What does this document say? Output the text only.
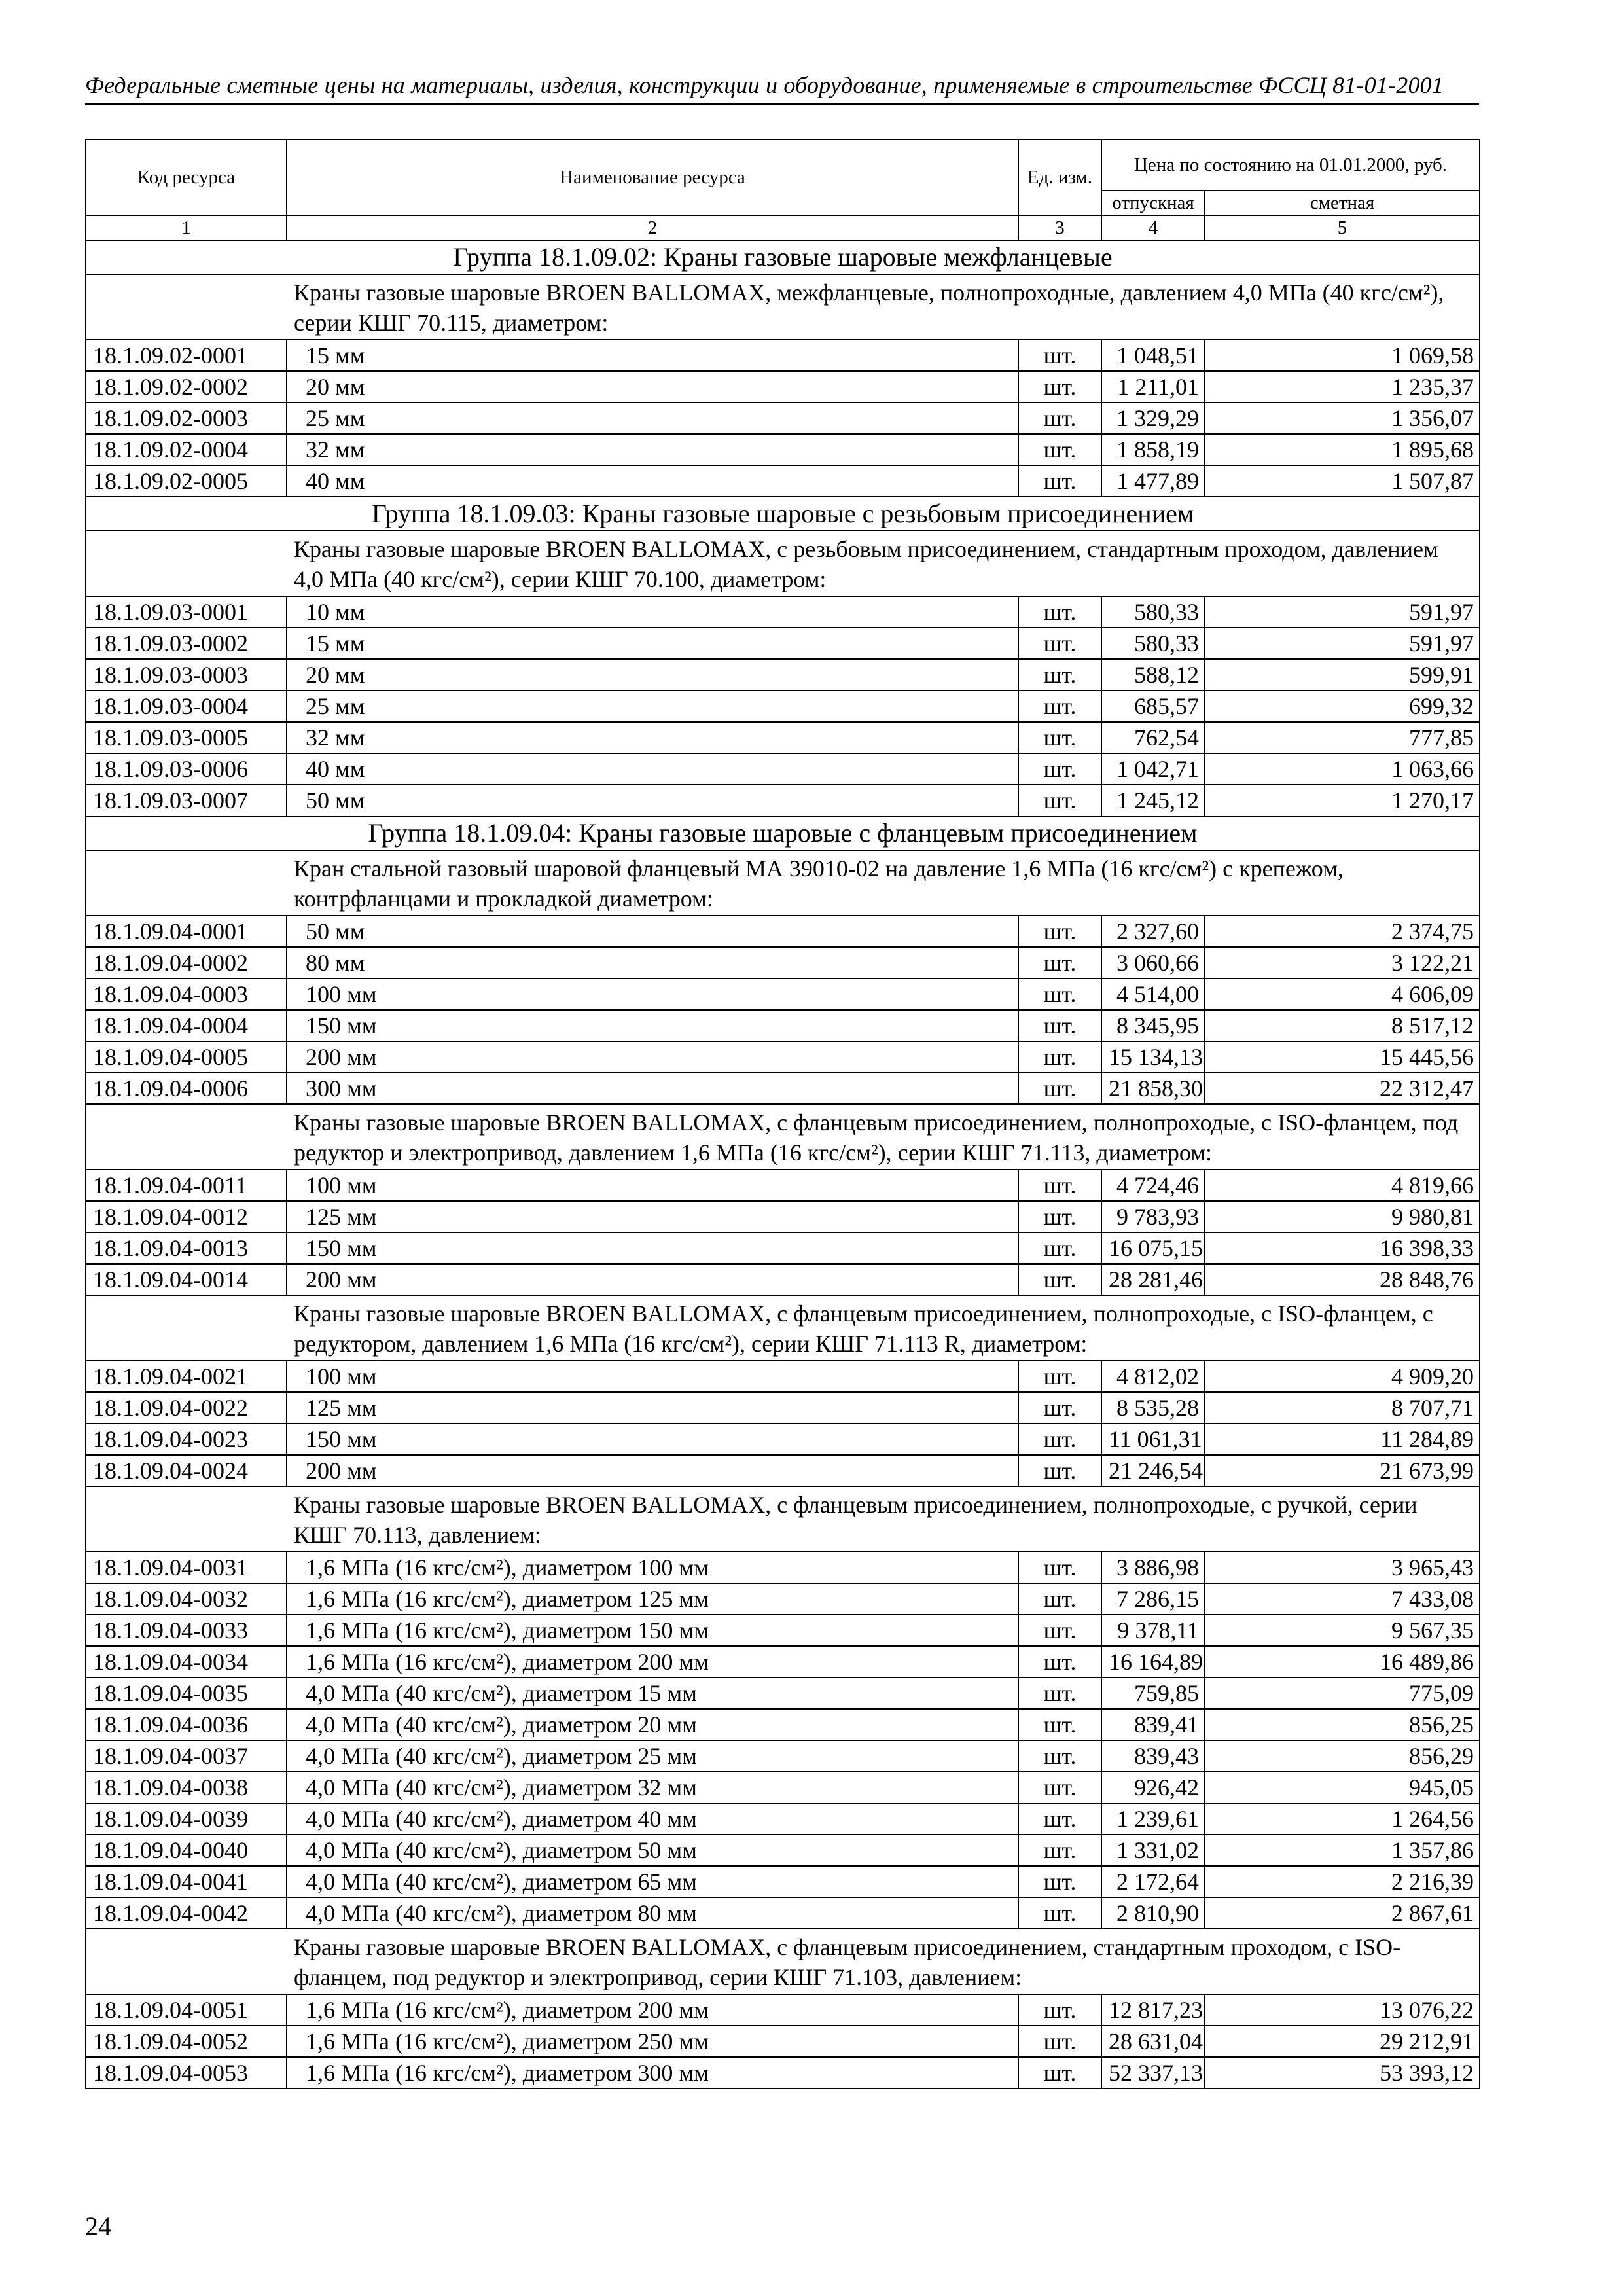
Федеральные сметные цены на материалы, изделия, конструкции и оборудование, применяемые в строительстве ФССЦ 81-01-2001
Код ресурса	Наименование ресурса	Ед. изм.	Цена по состоянию на 01.01.2000, руб.	
			отпускная	сметная
1	2	3	4	5
Группа 18.1.09.02: Краны газовые шаровые межфланцевые				
Краны газовые шаровые BROEN BALLOMAX, межфланцевые, полнопроходные, давлением 4,0 МПа (40 кгс/см²), серии КШГ 70.115, диаметром:				
18.1.09.02-0001	15 мм	шт.	1 048,51	1 069,58
18.1.09.02-0002	20 мм	шт.	1 211,01	1 235,37
18.1.09.02-0003	25 мм	шт.	1 329,29	1 356,07
18.1.09.02-0004	32 мм	шт.	1 858,19	1 895,68
18.1.09.02-0005	40 мм	шт.	1 477,89	1 507,87
Группа 18.1.09.03: Краны газовые шаровые с резьбовым присоединением				
Краны газовые шаровые BROEN BALLOMAX, с резьбовым присоединением, стандартным проходом, давлением 4,0 МПа (40 кгс/см²), серии КШГ 70.100, диаметром:				
18.1.09.03-0001	10 мм	шт.	580,33	591,97
18.1.09.03-0002	15 мм	шт.	580,33	591,97
18.1.09.03-0003	20 мм	шт.	588,12	599,91
18.1.09.03-0004	25 мм	шт.	685,57	699,32
18.1.09.03-0005	32 мм	шт.	762,54	777,85
18.1.09.03-0006	40 мм	шт.	1 042,71	1 063,66
18.1.09.03-0007	50 мм	шт.	1 245,12	1 270,17
Группа 18.1.09.04: Краны газовые шаровые с фланцевым присоединением				
Кран стальной газовый шаровой фланцевый МА 39010-02 на давление 1,6 МПа (16 кгс/см²) с крепежом, контрфланцами и прокладкой диаметром:				
18.1.09.04-0001	50 мм	шт.	2 327,60	2 374,75
18.1.09.04-0002	80 мм	шт.	3 060,66	3 122,21
18.1.09.04-0003	100 мм	шт.	4 514,00	4 606,09
18.1.09.04-0004	150 мм	шт.	8 345,95	8 517,12
18.1.09.04-0005	200 мм	шт.	15 134,13	15 445,56
18.1.09.04-0006	300 мм	шт.	21 858,30	22 312,47
Краны газовые шаровые BROEN BALLOMAX, с фланцевым присоединением, полнопроходые, с ISO-фланцем, под редуктор и электропривод, давлением 1,6 МПа (16 кгс/см²), серии КШГ 71.113, диаметром:				
18.1.09.04-0011	100 мм	шт.	4 724,46	4 819,66
18.1.09.04-0012	125 мм	шт.	9 783,93	9 980,81
18.1.09.04-0013	150 мм	шт.	16 075,15	16 398,33
18.1.09.04-0014	200 мм	шт.	28 281,46	28 848,76
Краны газовые шаровые BROEN BALLOMAX, с фланцевым присоединением, полнопроходые, с ISO-фланцем, с редуктором, давлением 1,6 МПа (16 кгс/см²), серии КШГ 71.113 R, диаметром:				
18.1.09.04-0021	100 мм	шт.	4 812,02	4 909,20
18.1.09.04-0022	125 мм	шт.	8 535,28	8 707,71
18.1.09.04-0023	150 мм	шт.	11 061,31	11 284,89
18.1.09.04-0024	200 мм	шт.	21 246,54	21 673,99
Краны газовые шаровые BROEN BALLOMAX, с фланцевым присоединением, полнопроходые, с ручкой, серии КШГ 70.113, давлением:				
18.1.09.04-0031	1,6 МПа (16 кгс/см²), диаметром 100 мм	шт.	3 886,98	3 965,43
18.1.09.04-0032	1,6 МПа (16 кгс/см²), диаметром 125 мм	шт.	7 286,15	7 433,08
18.1.09.04-0033	1,6 МПа (16 кгс/см²), диаметром 150 мм	шт.	9 378,11	9 567,35
18.1.09.04-0034	1,6 МПа (16 кгс/см²), диаметром 200 мм	шт.	16 164,89	16 489,86
18.1.09.04-0035	4,0 МПа (40 кгс/см²), диаметром 15 мм	шт.	759,85	775,09
18.1.09.04-0036	4,0 МПа (40 кгс/см²), диаметром 20 мм	шт.	839,41	856,25
18.1.09.04-0037	4,0 МПа (40 кгс/см²), диаметром 25 мм	шт.	839,43	856,29
18.1.09.04-0038	4,0 МПа (40 кгс/см²), диаметром 32 мм	шт.	926,42	945,05
18.1.09.04-0039	4,0 МПа (40 кгс/см²), диаметром 40 мм	шт.	1 239,61	1 264,56
18.1.09.04-0040	4,0 МПа (40 кгс/см²), диаметром 50 мм	шт.	1 331,02	1 357,86
18.1.09.04-0041	4,0 МПа (40 кгс/см²), диаметром 65 мм	шт.	2 172,64	2 216,39
18.1.09.04-0042	4,0 МПа (40 кгс/см²), диаметром 80 мм	шт.	2 810,90	2 867,61
Краны газовые шаровые BROEN BALLOMAX, с фланцевым присоединением, стандартным проходом, с ISO-фланцем, под редуктор и электропривод, серии КШГ 71.103, давлением:				
18.1.09.04-0051	1,6 МПа (16 кгс/см²), диаметром 200 мм	шт.	12 817,23	13 076,22
18.1.09.04-0052	1,6 МПа (16 кгс/см²), диаметром 250 мм	шт.	28 631,04	29 212,91
18.1.09.04-0053	1,6 МПа (16 кгс/см²), диаметром 300 мм	шт.	52 337,13	53 393,12
24
